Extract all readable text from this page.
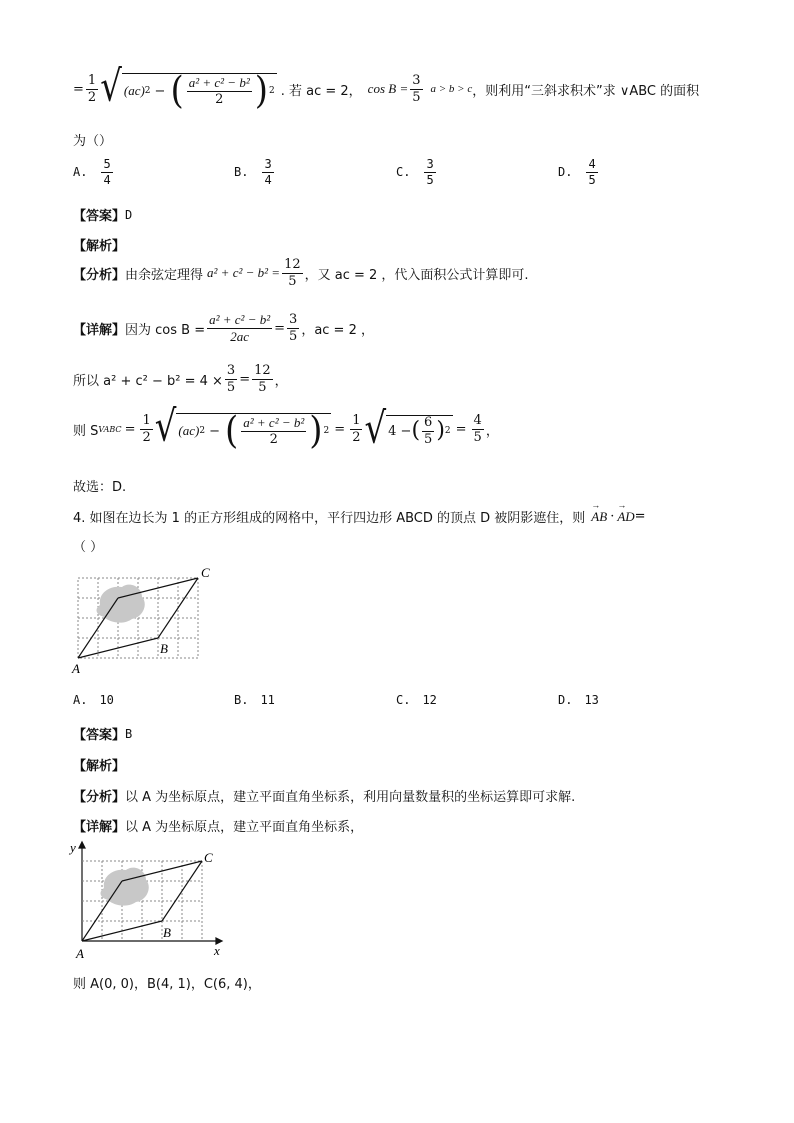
= $\frac{1}{2}$ √ (ac) 2 − ( $\frac{\text{a² + c² − b²}}{2}$ ) 2 . 若 ac = 2， $\cos B = \frac{3}{5}$ a > b > c ，则利用“三斜求积术”求 ∨ABC 的面积
为（）
A. $\frac{5}{4}$	B. $\frac{3}{4}$	C. $\frac{3}{5}$	D. $\frac{4}{5}$
【答案】 D
【解析】
【分析】 由余弦定理得 $a^2 + c^2 - b^2 = \frac{12}{5}$ ，又 ac = 2 ，代入面积公式计算即可.
【详解】 因为 $\cos B = \frac{\text{a² + c² − b²}}{2ac} = \frac{3}{5}$ ，ac = 2 ，
所以 $a^2 + c^2 - b^2 = 4 \times \frac{3}{5} = \frac{12}{5}$ ，
则 S VABC = $\frac{1}{2}$ √ (ac) 2 − ( $\frac{\text{a² + c² − b²}}{2}$ ) $2 = \frac{1}{2}$ √ 4 − ( $\frac{6}{5}$ ) $2 = \frac{4}{5}$ ，
故选：D.
4. 如图在边长为 1 的正方形组成的网格中，平行四边形 ABCD 的顶点 D 被阴影遮住，则
→
AB ·
→
AD =
（ ）
A
B
C
A. 10	B. 11	C. 12	D. 13
【答案】 B
【解析】
【分析】 以 A 为坐标原点，建立平面直角坐标系，利用向量数量积的坐标运算即可求解.
【详解】 以 A 为坐标原点，建立平面直角坐标系，
y
x
A
B
C
则 A(0, 0)，B(4, 1)，C(6, 4)，
